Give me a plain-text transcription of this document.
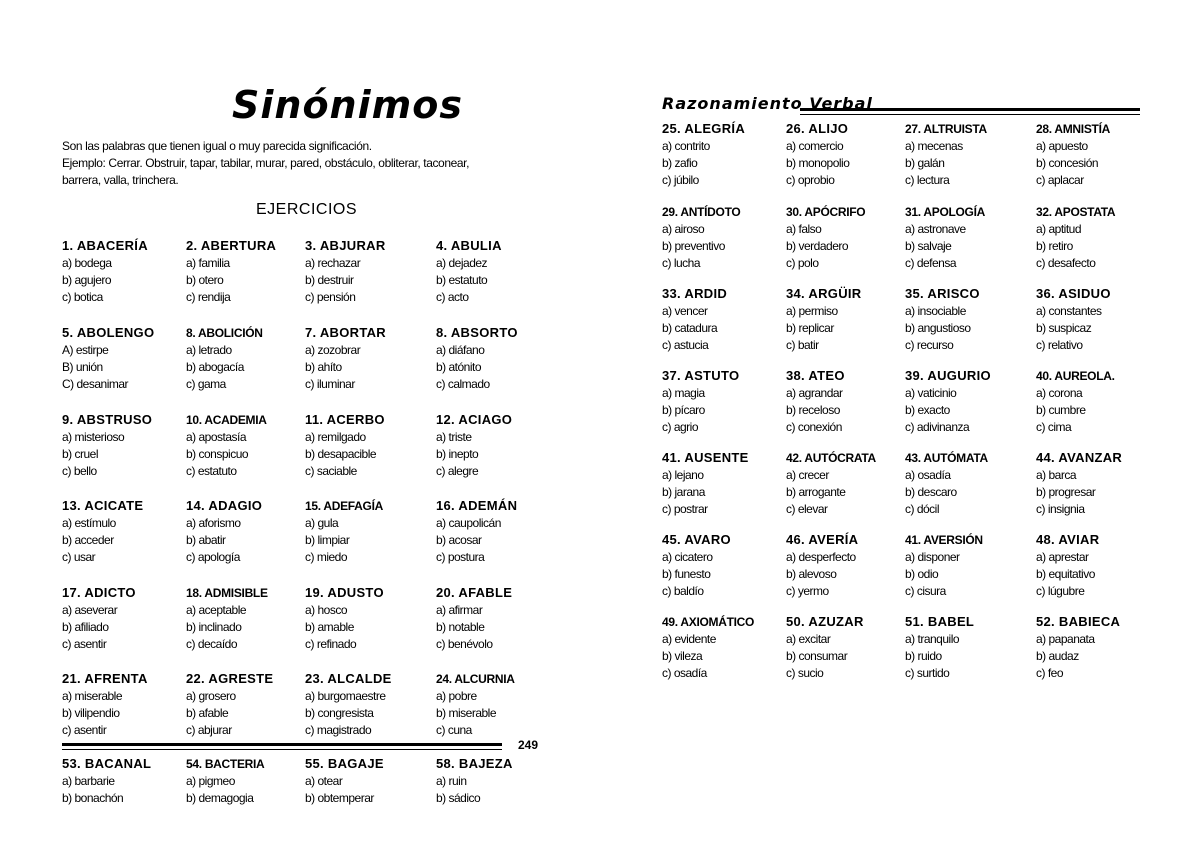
Sinónimos
Son las palabras que tienen igual o muy parecida significación.
Ejemplo: Cerrar. Obstruir, tapar, tabilar, murar, pared, obstáculo, obliterar, taconear,
barrera, valla, trinchera.
EJERCICIOS
Razonamiento Verbal
249
1. ABACERÍA
a) bodega
b) agujero
c) botica
2. ABERTURA
a) familia
b) otero
c) rendija
3. ABJURAR
a) rechazar
b) destruir
c) pensión
4. ABULIA
a) dejadez
b) estatuto
c) acto
5. ABOLENGO
A) estirpe
B) unión
C) desanimar
8. ABOLICIÓN
a) letrado
b) abogacía
c) gama
7. ABORTAR
a) zozobrar
b) ahíto
c) iluminar
8. ABSORTO
a) diáfano
b) atónito
c) calmado
9. ABSTRUSO
a) misterioso
b) cruel
c) bello
10. ACADEMIA
a) apostasía
b) conspicuo
c) estatuto
11. ACERBO
a) remilgado
b) desapacible
c) saciable
12. ACIAGO
a) triste
b) inepto
c) alegre
13. ACICATE
a) estímulo
b) acceder
c) usar
14. ADAGIO
a) aforismo
b) abatir
c) apología
15. ADEFAGÍA
a) gula
b) limpiar
c) miedo
16. ADEMÁN
a) caupolicán
b) acosar
c) postura
17. ADICTO
a) aseverar
b) afiliado
c) asentir
18. ADMISIBLE
a) aceptable
b) inclinado
c) decaído
19. ADUSTO
a) hosco
b) amable
c) refinado
20. AFABLE
a) afirmar
b) notable
c) benévolo
21. AFRENTA
a) miserable
b) vilipendio
c) asentir
22. AGRESTE
a) grosero
b) afable
c) abjurar
23. ALCALDE
a) burgomaestre
b) congresista
c) magistrado
24. ALCURNIA
a) pobre
b) miserable
c) cuna
53. BACANAL
a) barbarie
b) bonachón
54. BACTERIA
a) pigmeo
b) demagogia
55. BAGAJE
a) otear
b) obtemperar
58. BAJEZA
a) ruin
b) sádico
25. ALEGRÍA
a) contrito
b) zafio
c) júbilo
26. ALIJO
a) comercio
b) monopolio
c) oprobio
27. ALTRUISTA
a) mecenas
b) galán
c) lectura
28. AMNISTÍA
a) apuesto
b) concesión
c) aplacar
29. ANTÍDOTO
a) airoso
b) preventivo
c) lucha
30. APÓCRIFO
a) falso
b) verdadero
c) polo
31. APOLOGÍA
a) astronave
b) salvaje
c) defensa
32. APOSTATA
a) aptitud
b) retiro
c) desafecto
33. ARDID
a) vencer
b) catadura
c) astucia
34. ARGÜIR
a) permiso
b) replicar
c) batir
35. ARISCO
a) insociable
b) angustioso
c) recurso
36. ASIDUO
a) constantes
b) suspicaz
c) relativo
37. ASTUTO
a) magia
b) pícaro
c) agrio
38. ATEO
a) agrandar
b) receloso
c) conexión
39. AUGURIO
a) vaticinio
b) exacto
c) adivinanza
40. AUREOLA.
a) corona
b) cumbre
c) cima
41. AUSENTE
a) lejano
b) jarana
c) postrar
42. AUTÓCRATA
a) crecer
b) arrogante
c) elevar
43. AUTÓMATA
a) osadía
b) descaro
c) dócil
44. AVANZAR
a) barca
b) progresar
c) insignia
45. AVARO
a) cicatero
b) funesto
c) baldío
46. AVERÍA
a) desperfecto
b) alevoso
c) yermo
41. AVERSIÓN
a) disponer
b) odio
c) cisura
48. AVIAR
a) aprestar
b) equitativo
c) lúgubre
49. AXIOMÁTICO
a) evidente
b) vileza
c) osadía
50. AZUZAR
a) excitar
b) consumar
c) sucio
51. BABEL
a) tranquilo
b) ruido
c) surtido
52. BABIECA
a) papanata
b) audaz
c) feo
